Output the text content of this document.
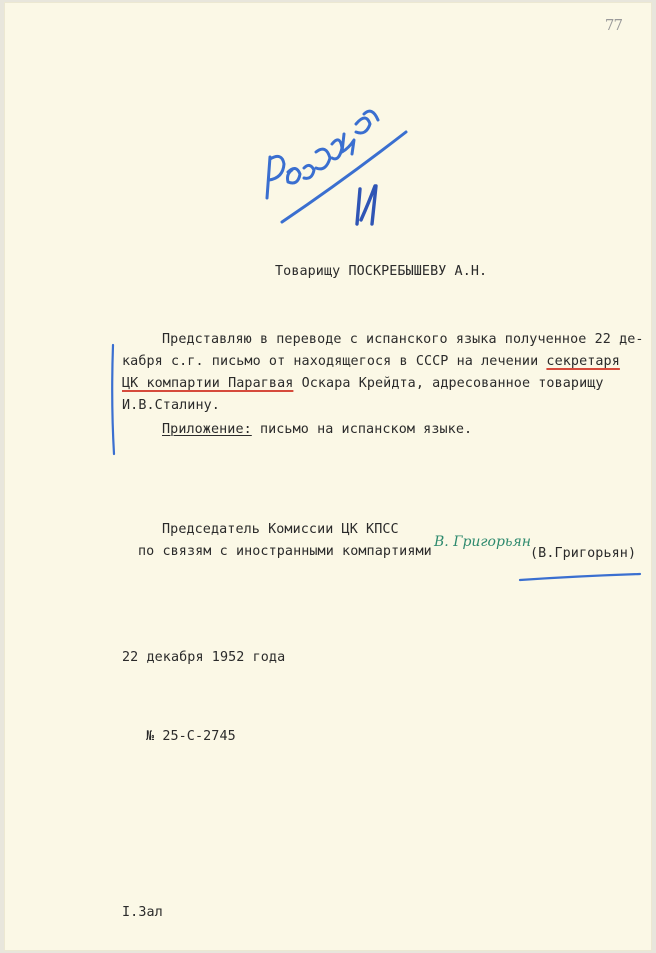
77
Товарищу ПОСКРЕБЫШЕВУ А.Н.
Представляю в переводе с испанского языка полученное 22 де-
кабря с.г. письмо от находящегося в СССР на лечении секретаря
ЦК компартии Парагвая Оскара Крейдта, адресованное товарищу
И.В.Сталину.
Приложение: письмо на испанском языке.
Председатель Комиссии ЦК КПСС
по связям с иностранными компартиями
В. Григорьян
(В.Григорьян)
22 декабря 1952 года
№ 25-С-2745
I.Зал
